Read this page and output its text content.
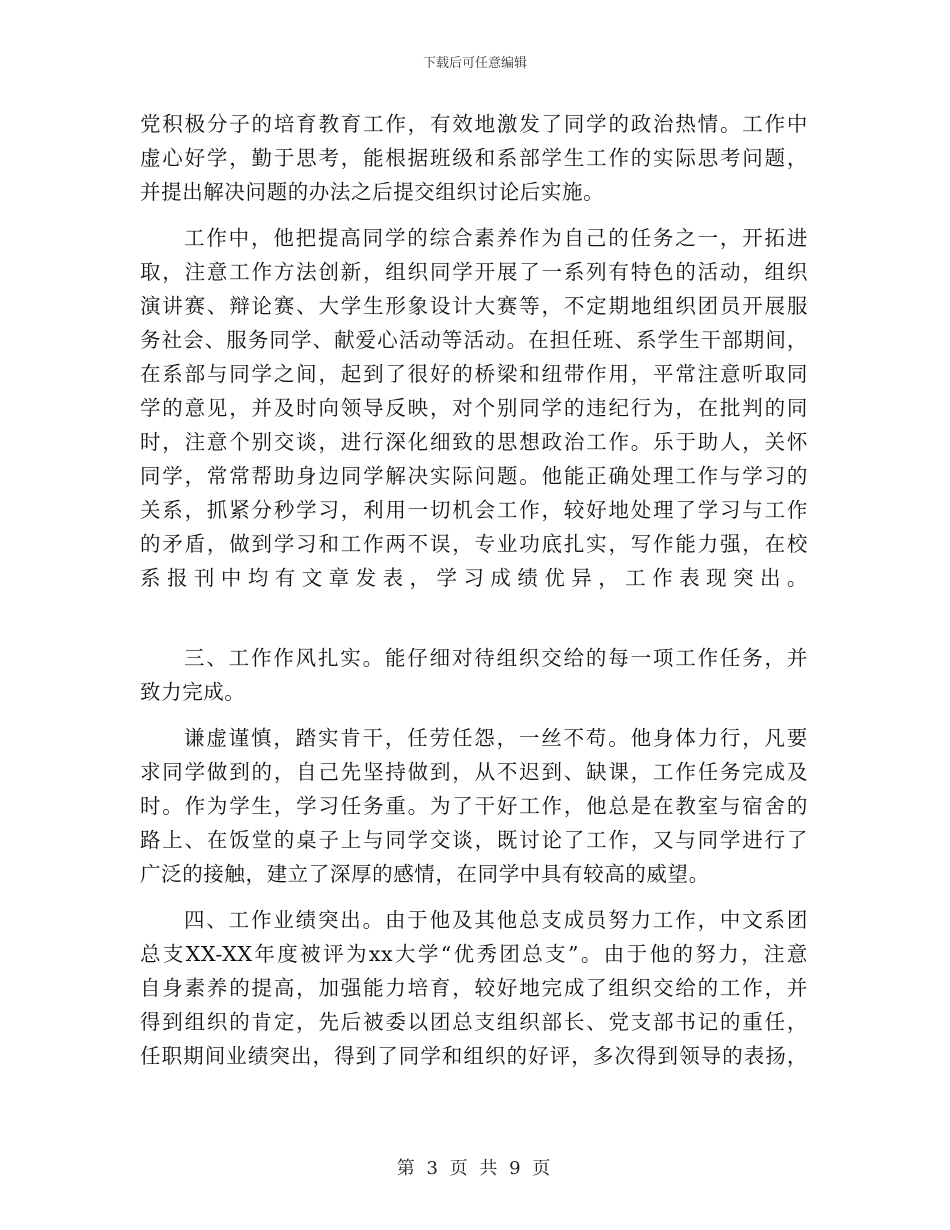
下载后可任意编辑
党积极分子的培育教育工作，有效地激发了同学的政治热情。工作中
虚心好学，勤于思考，能根据班级和系部学生工作的实际思考问题，
并提出解决问题的办法之后提交组织讨论后实施。
工作中，他把提高同学的综合素养作为自己的任务之一，开拓进
取，注意工作方法创新，组织同学开展了一系列有特色的活动，组织
演讲赛、辩论赛、大学生形象设计大赛等，不定期地组织团员开展服
务社会、服务同学、献爱心活动等活动。在担任班、系学生干部期间，
在系部与同学之间，起到了很好的桥梁和纽带作用，平常注意听取同
学的意见，并及时向领导反映，对个别同学的违纪行为，在批判的同
时，注意个别交谈，进行深化细致的思想政治工作。乐于助人，关怀
同学，常常帮助身边同学解决实际问题。他能正确处理工作与学习的
关系，抓紧分秒学习，利用一切机会工作，较好地处理了学习与工作
的矛盾，做到学习和工作两不误，专业功底扎实，写作能力强，在校
系报刊中均有文章发表，学习成绩优异，工作表现突出。
三、工作作风扎实。能仔细对待组织交给的每一项工作任务，并
致力完成。
谦虚谨慎，踏实肯干，任劳任怨，一丝不苟。他身体力行，凡要
求同学做到的，自己先坚持做到，从不迟到、缺课，工作任务完成及
时。作为学生，学习任务重。为了干好工作，他总是在教室与宿舍的
路上、在饭堂的桌子上与同学交谈，既讨论了工作，又与同学进行了
广泛的接触，建立了深厚的感情，在同学中具有较高的威望。
四、工作业绩突出。由于他及其他总支成员努力工作，中文系团
总支XX-XX年度被评为xx大学“优秀团总支”。由于他的努力，注意
自身素养的提高，加强能力培育，较好地完成了组织交给的工作，并
得到组织的肯定，先后被委以团总支组织部长、党支部书记的重任，
任职期间业绩突出，得到了同学和组织的好评，多次得到领导的表扬，
第 3 页 共 9 页
